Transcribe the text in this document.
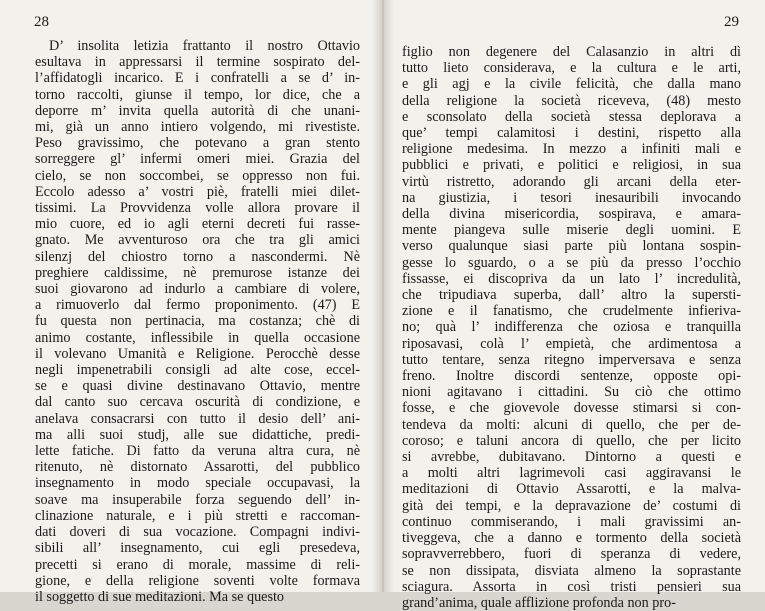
28
D’ insolita letizia frattanto il nostro Ottavio
esultava in appressarsi il termine sospirato del-
l’affidatogli incarico. E i confratelli a se d’ in-
torno raccolti, giunse il tempo, lor dice, che a
deporre m’ invita quella autorità di che unani-
mi, già un anno intiero volgendo, mi rivestiste.
Peso gravissimo, che potevano a gran stento
sorreggere gl’ infermi omeri miei. Grazia del
cielo, se non soccombei, se oppresso non fui.
Eccolo adesso a’ vostri piè, fratelli miei dilet-
tissimi. La Provvidenza volle allora provare il
mio cuore, ed io agli eterni decreti fui rasse-
gnato. Me avventuroso ora che tra gli amici
silenzj del chiostro torno a nascondermi. Nè
preghiere caldissime, nè premurose istanze dei
suoi giovarono ad indurlo a cambiare di volere,
a rimuoverlo dal fermo proponimento. (47) E
fu questa non pertinacia, ma costanza; chè di
animo costante, inflessibile in quella occasione
il volevano Umanità e Religione. Perocchè desse
negli impenetrabili consigli ad alte cose, eccel-
se e quasi divine destinavano Ottavio, mentre
dal canto suo cercava oscurità di condizione, e
anelava consacrarsi con tutto il desio dell’ ani-
ma alli suoi studj, alle sue didattiche, predi-
lette fatiche. Di fatto da veruna altra cura, nè
ritenuto, nè distornato Assarotti, del pubblico
insegnamento in modo speciale occupavasi, la
soave ma insuperabile forza seguendo dell’ in-
clinazione naturale, e i più stretti e raccoman-
dati doveri di sua vocazione. Compagni indivi-
sibili all’ insegnamento, cui egli presedeva,
precetti si erano di morale, massime di reli-
gione, e della religione soventi volte formava
il soggetto di sue meditazioni. Ma se questo
29
figlio non degenere del Calasanzio in altri dì
tutto lieto considerava, e la cultura e le arti,
e gli agj e la civile felicità, che dalla mano
della religione la società riceveva, (48) mesto
e sconsolato della società stessa deplorava a
que’ tempi calamitosi i destini, rispetto alla
religione medesima. In mezzo a infiniti mali e
pubblici e privati, e politici e religiosi, in sua
virtù ristretto, adorando gli arcani della eter-
na giustizia, i tesori inesauribili invocando
della divina misericordia, sospirava, e amara-
mente piangeva sulle miserie degli uomini. E
verso qualunque siasi parte più lontana sospin-
gesse lo sguardo, o a se più da presso l’occhio
fissasse, ei discopriva da un lato l’ incredulità,
che tripudiava superba, dall’ altro la supersti-
zione e il fanatismo, che crudelmente infieriva-
no; quà l’ indifferenza che oziosa e tranquilla
riposavasi, colà l’ empietà, che ardimentosa a
tutto tentare, senza ritegno imperversava e senza
freno. Inoltre discordi sentenze, opposte opi-
nioni agitavano i cittadini. Su ciò che ottimo
fosse, e che giovevole dovesse stimarsi si con-
tendeva da molti: alcuni di quello, che per de-
coroso; e taluni ancora di quello, che per licito
si avrebbe, dubitavano. Dintorno a questi e
a molti altri lagrimevoli casi aggiravansi le
meditazioni di Ottavio Assarotti, e la malva-
gità dei tempi, e la depravazione de’ costumi di
continuo commiserando, i mali gravissimi an-
tiveggeva, che a danno e tormento della società
sopravverrebbero, fuori di speranza di vedere,
se non dissipata, disviata almeno la soprastante
sciagura. Assorta in così tristi pensieri sua
grand’anima, quale afflizione profonda non pro-
